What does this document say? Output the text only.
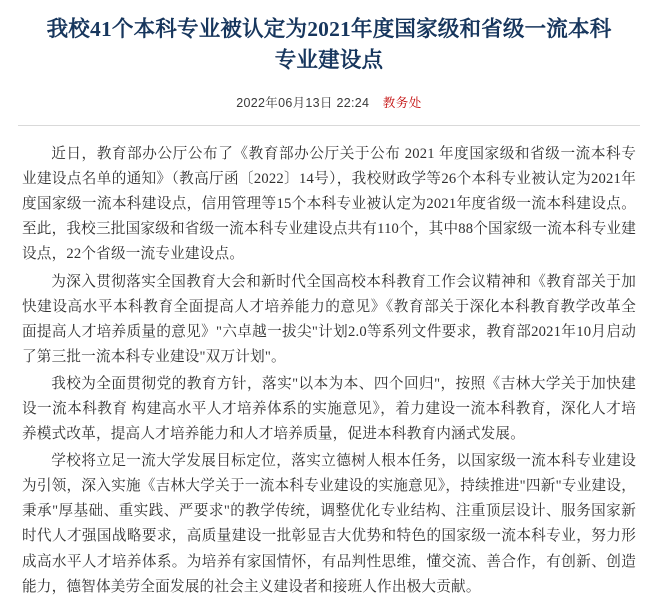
我校41个本科专业被认定为2021年度国家级和省级一流本科专业建设点
2022年06月13日 22:24 教务处

近日，教育部办公厅公布了《教育部办公厅关于公布 2021 年度国家级和省级一流本科专业建设点名单的通知》（教高厅函〔2022〕14号），我校财政学等26个本科专业被认定为2021年度国家级一流本科建设点，信用管理等15个本科专业被认定为2021年度省级一流本科建设点。至此，我校三批国家级和省级一流本科专业建设点共有110个，其中88个国家级一流本科专业建设点，22个省级一流专业建设点。

为深入贯彻落实全国教育大会和新时代全国高校本科教育工作会议精神和《教育部关于加快建设高水平本科教育全面提高人才培养能力的意见》《教育部关于深化本科教育教学改革全面提高人才培养质量的意见》"六卓越一拔尖"计划2.0等系列文件要求，教育部2021年10月启动了第三批一流本科专业建设"双万计划"。

我校为全面贯彻党的教育方针，落实"以本为本、四个回归"，按照《吉林大学关于加快建设一流本科教育 构建高水平人才培养体系的实施意见》，着力建设一流本科教育，深化人才培养模式改革，提高人才培养能力和人才培养质量，促进本科教育内涵式发展。

学校将立足一流大学发展目标定位，落实立德树人根本任务，以国家级一流本科专业建设为引领，深入实施《吉林大学关于一流本科专业建设的实施意见》，持续推进"四新"专业建设，秉承"厚基础、重实践、严要求"的教学传统，调整优化专业结构、注重顶层设计、服务国家新时代人才强国战略要求，高质量建设一批彰显吉大优势和特色的国家级一流本科专业，努力形成高水平人才培养体系。为培养有家国情怀，有品判性思维，懂交流、善合作，有创新、创造能力，德智体美劳全面发展的社会主义建设者和接班人作出极大贡献。
